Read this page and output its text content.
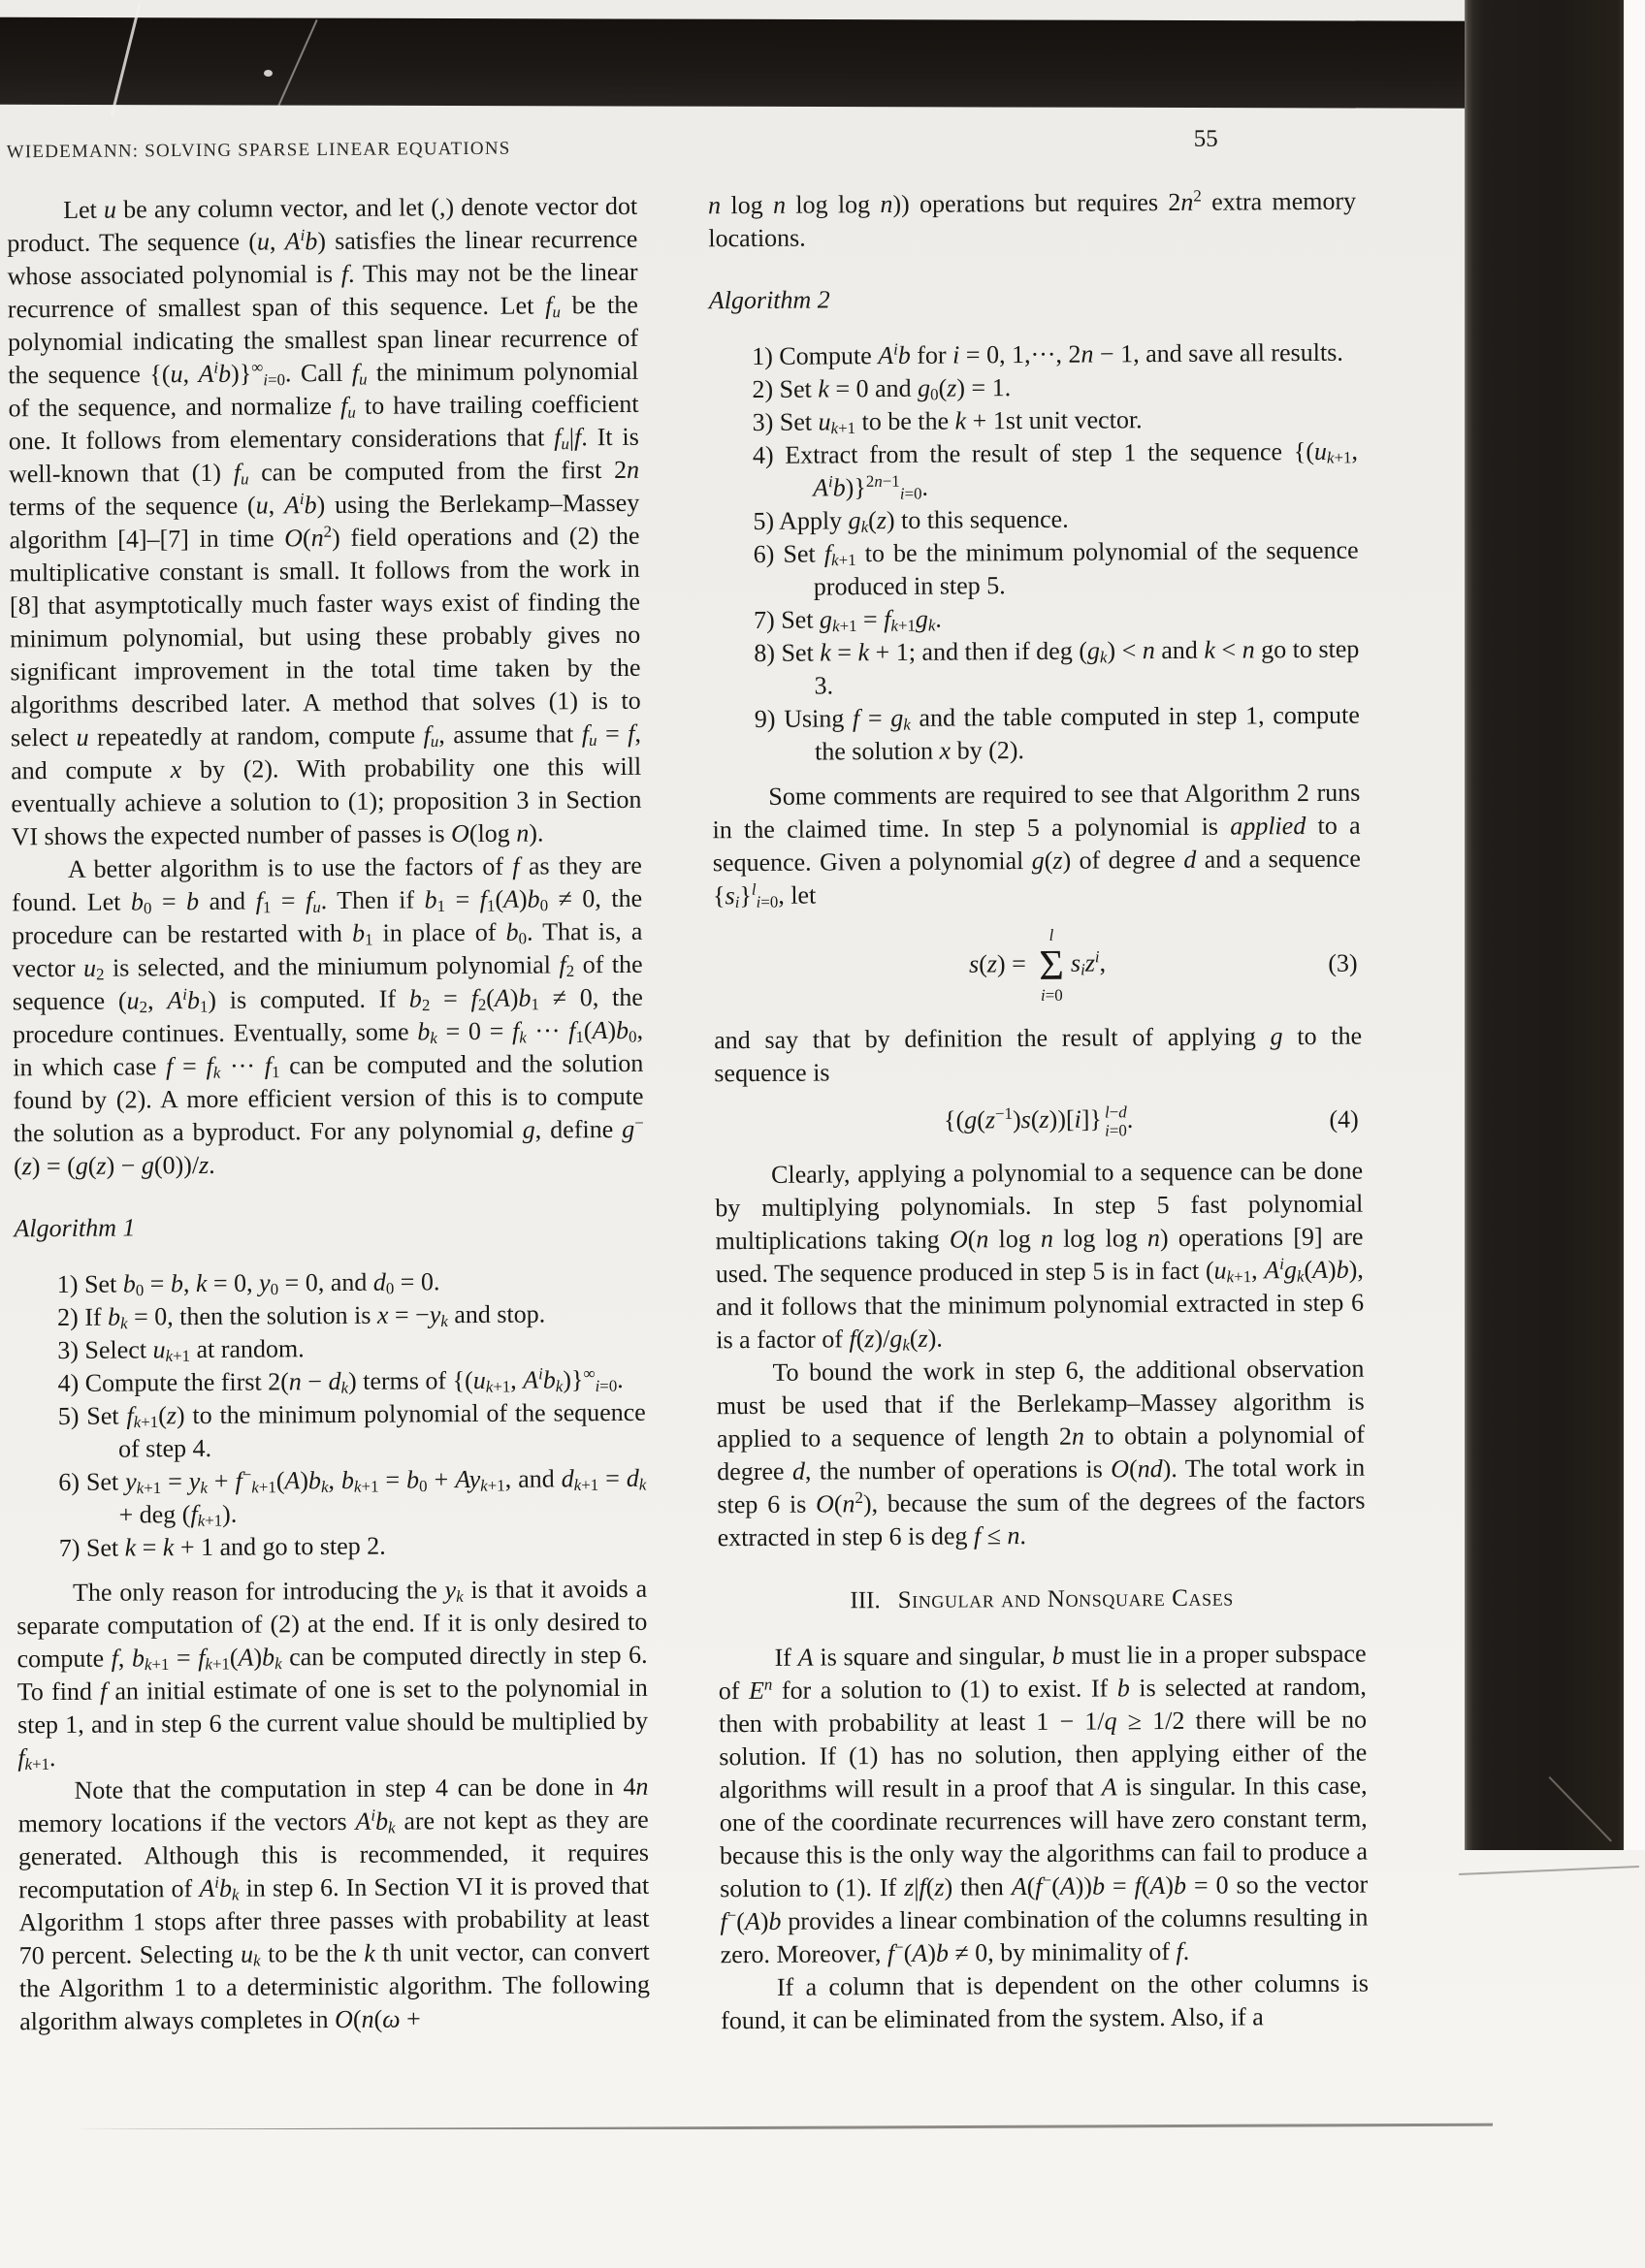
WIEDEMANN: SOLVING SPARSE LINEAR EQUATIONS	55

Let u be any column vector, and let (,) denote vector dot product. The sequence (u, $A^ib$) satisfies the linear recurrence whose associated polynomial is f. This may not be the linear recurrence of smallest span of this sequence. Let $f_u$ be the polynomial indicating the smallest span linear recurrence of the sequence {(u, $A^ib)\}^\infty_{i=0}$. Call $f_u$ the minimum polynomial of the sequence, and normalize $f_u$ to have trailing coefficient one. It follows from elementary considerations that $f_u|f$. It is well-known that (1) $f_u$ can be computed from the first 2n terms of the sequence (u, $A^ib$) using the Berlekamp–Massey algorithm [4]–[7] in time $O(n^2)$ field operations and (2) the multiplicative constant is small. It follows from the work in [8] that asymptotically much faster ways exist of finding the minimum polynomial, but using these probably gives no significant improvement in the total time taken by the algorithms described later. A method that solves (1) is to select u repeatedly at random, compute $f_u$, assume that $f_u = f$, and compute x by (2). With probability one this will eventually achieve a solution to (1); proposition 3 in Section VI shows the expected number of passes is O(log n).

A better algorithm is to use the factors of f as they are found. Let $b_0 = b$ and $f_1 = f_u$. Then if $b_1 = f_1(A)b_0 \ne 0$, the procedure can be restarted with $b_1$ in place of $b_0$. That is, a vector $u_2$ is selected, and the miniumum polynomial $f_2$ of the sequence ($u_2$, $A^ib_1$) is computed. If $b_2 = f_2(A)b_1 \ne 0$, the procedure continues. Eventually, some $b_k = 0 = f_k$ ··· $f_1(A)b_0$, in which case $f = f_k$ ··· $f_1$ can be computed and the solution found by (2). A more efficient version of this is to compute the solution as a byproduct. For any polynomial g, define g−(z) = (g(z) − g(0))/z.

Algorithm 1
1) Set $b_0 = b$, k = 0, $y_0 = 0$, and $d_0 = 0$.
2) If $b_k = 0$, then the solution is $x = -y_k$ and stop.
3) Select $u_{k+1}$ at random.
4) Compute the first $2(n - d_k)$ terms of {($u_{k+1}$, $A^ib_k)\}^\infty_{i=0}$.
5) Set $f_{k+1}(z)$ to the minimum polynomial of the sequence of step 4.
6) Set $y_{k+1} = y_k + f^-_{k+1}(A)b_k$, $b_{k+1} = b_0 + Ay_{k+1}$, and $d_{k+1} = d_k$ + deg $(f_{k+1})$.
7) Set k = k + 1 and go to step 2.

The only reason for introducing the $y_k$ is that it avoids a separate computation of (2) at the end. If it is only desired to compute f, $b_{k+1} = f_{k+1}(A)b_k$ can be computed directly in step 6. To find f an initial estimate of one is set to the polynomial in step 1, and in step 6 the current value should be multiplied by $f_{k+1}$.

Note that the computation in step 4 can be done in 4n memory locations if the vectors $A^ib_k$ are not kept as they are generated. Although this is recommended, it requires recomputation of $A^ib_k$ in step 6. In Section VI it is proved that Algorithm 1 stops after three passes with probability at least 70 percent. Selecting $u_k$ to be the k th unit vector, can convert the Algorithm 1 to a deterministic algorithm. The following algorithm always completes in O(n(ω +

n log n log log n)) operations but requires $2n^2$ extra memory locations.

Algorithm 2
1) Compute $A^ib$ for i = 0, 1,···, 2n − 1, and save all results.
2) Set k = 0 and $g_0(z) = 1$.
3) Set $u_{k+1}$ to be the k + 1st unit vector.
4) Extract from the result of step 1 the sequence {($u_{k+1}$, $A^ib)\}^{2n-1}_{i=0}$.
5) Apply $g_k(z)$ to this sequence.
6) Set $f_{k+1}$ to be the minimum polynomial of the sequence produced in step 5.
7) Set $g_{k+1} = f_{k+1}g_k$.
8) Set k = k + 1; and then if deg $(g_k) < n$ and k < n go to step 3.
9) Using $f = g_k$ and the table computed in step 1, compute the solution x by (2).

Some comments are required to see that Algorithm 2 runs in the claimed time. In step 5 a polynomial is applied to a sequence. Given a polynomial g(z) of degree d and a sequence $\{s_i\}^l_{i=0}$, let

s(z) =
l
Σ
i=0
$s_iz^i$,	(3)

and say that by definition the result of applying g to the sequence is

$\{(g(z^{-1})s(z))[i]\}$ l−d
i=0 .	(4)

Clearly, applying a polynomial to a sequence can be done by multiplying polynomials. In step 5 fast polynomial multiplications taking O(n log n log log n) operations [9] are used. The sequence produced in step 5 is in fact ($u_{k+1}$, $A^ig_k(A)b$), and it follows that the minimum polynomial extracted in step 6 is a factor of $f(z)/g_k(z)$.

To bound the work in step 6, the additional observation must be used that if the Berlekamp–Massey algorithm is applied to a sequence of length 2n to obtain a polynomial of degree d, the number of operations is O(nd). The total work in step 6 is $O(n^2)$, because the sum of the degrees of the factors extracted in step 6 is deg f ≤ n.

III. Singular and Nonsquare Cases

If A is square and singular, b must lie in a proper subspace of $E^n$ for a solution to (1) to exist. If b is selected at random, then with probability at least 1 − 1/q ≥ 1/2 there will be no solution. If (1) has no solution, then applying either of the algorithms will result in a proof that A is singular. In this case, one of the coordinate recurrences will have zero constant term, because this is the only way the algorithms can fail to produce a solution to (1). If z|f(z) then A(f−(A))b = f(A)b = 0 so the vector f−(A)b provides a linear combination of the columns resulting in zero. Moreover, f−(A)b ≠ 0, by minimality of f.

If a column that is dependent on the other columns is found, it can be eliminated from the system. Also, if a
